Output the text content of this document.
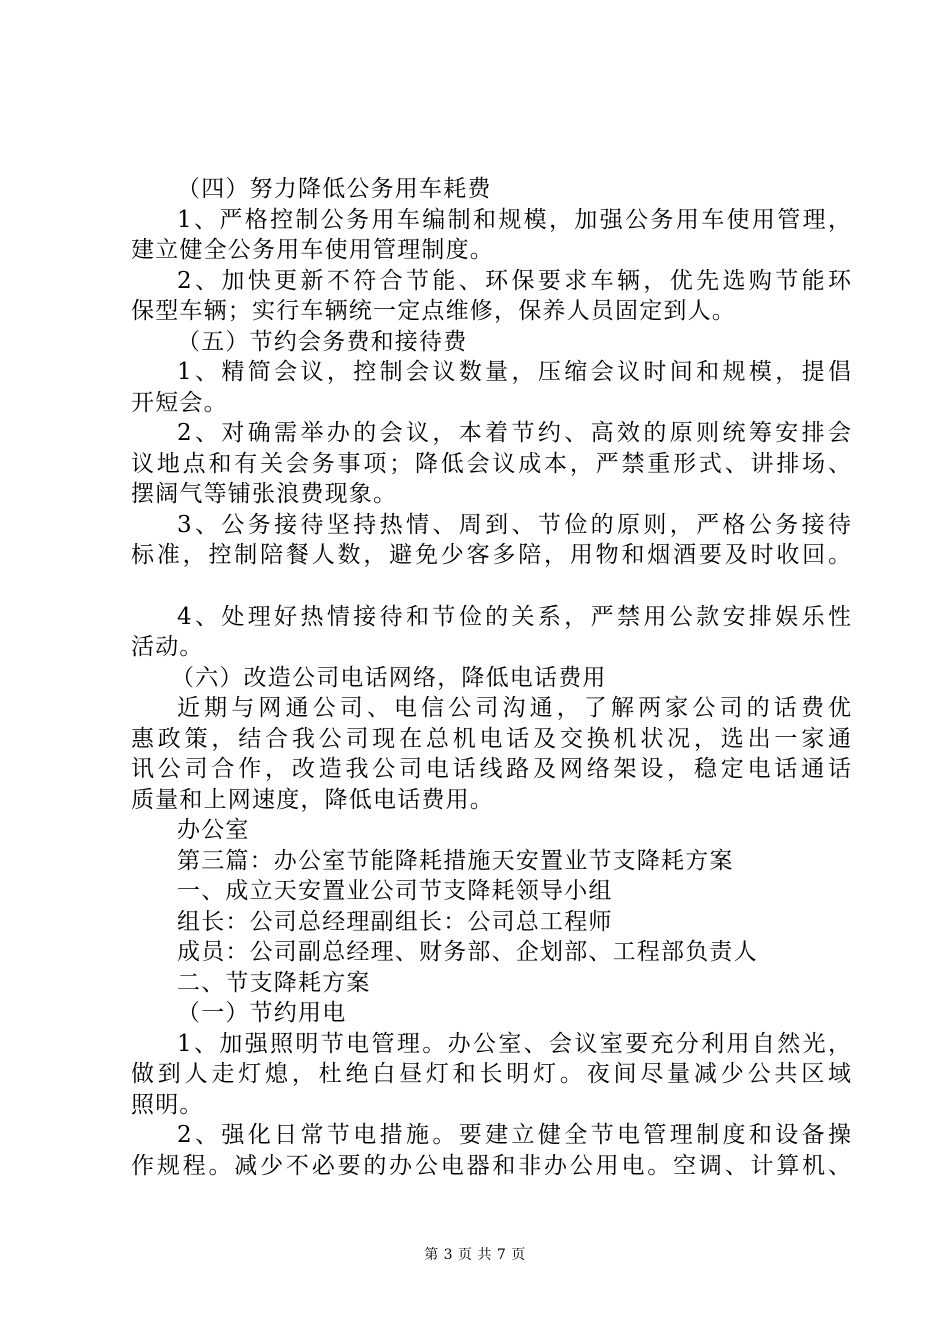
（四）努力降低公务用车耗费
1、严格控制公务用车编制和规模，加强公务用车使用管理，
建立健全公务用车使用管理制度。
2、加快更新不符合节能、环保要求车辆，优先选购节能环
保型车辆；实行车辆统一定点维修，保养人员固定到人。
（五）节约会务费和接待费
1、精简会议，控制会议数量，压缩会议时间和规模，提倡
开短会。
2、对确需举办的会议，本着节约、高效的原则统筹安排会
议地点和有关会务事项；降低会议成本，严禁重形式、讲排场、
摆阔气等铺张浪费现象。
3、公务接待坚持热情、周到、节俭的原则，严格公务接待
标准，控制陪餐人数，避免少客多陪，用物和烟酒要及时收回。
4、处理好热情接待和节俭的关系，严禁用公款安排娱乐性
活动。
（六）改造公司电话网络，降低电话费用
近期与网通公司、电信公司沟通，了解两家公司的话费优
惠政策，结合我公司现在总机电话及交换机状况，选出一家通
讯公司合作，改造我公司电话线路及网络架设，稳定电话通话
质量和上网速度，降低电话费用。
办公室
第三篇：办公室节能降耗措施天安置业节支降耗方案
一、成立天安置业公司节支降耗领导小组
组长：公司总经理副组长：公司总工程师
成员：公司副总经理、财务部、企划部、工程部负责人
二、节支降耗方案
（一）节约用电
1、加强照明节电管理。办公室、会议室要充分利用自然光，
做到人走灯熄，杜绝白昼灯和长明灯。夜间尽量减少公共区域
照明。
2、强化日常节电措施。要建立健全节电管理制度和设备操
作规程。减少不必要的办公电器和非办公用电。空调、计算机、
第 3 页 共 7 页
